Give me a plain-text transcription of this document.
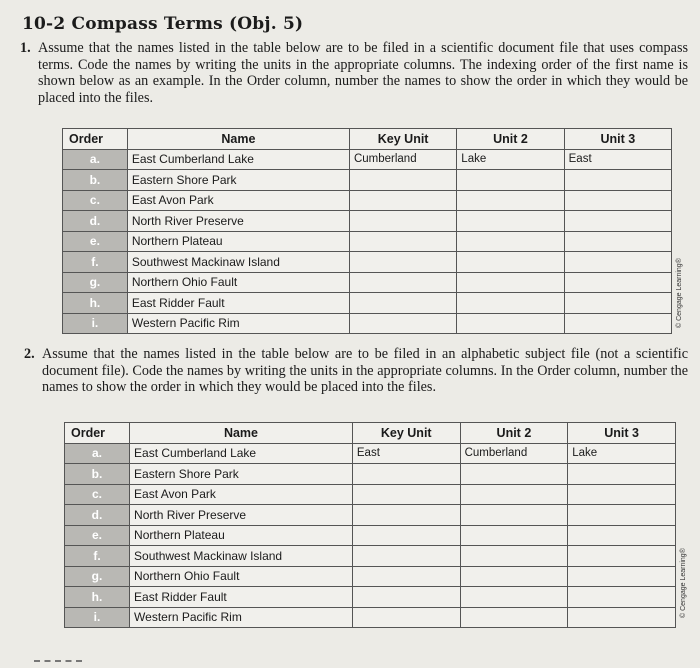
10-2 Compass Terms (Obj. 5)
1. Assume that the names listed in the table below are to be filed in a scientific document file that uses compass terms. Code the names by writing the units in the appropriate columns. The indexing order of the first name is shown below as an example. In the Order column, number the names to show the order in which they would be placed into the files.
Order	Name	Key Unit	Unit 2	Unit 3
a.	East Cumberland Lake	Cumberland	Lake	East
b.	Eastern Shore Park			
c.	East Avon Park			
d.	North River Preserve			
e.	Northern Plateau			
f.	Southwest Mackinaw Island			
g.	Northern Ohio Fault			
h.	East Ridder Fault			
i.	Western Pacific Rim				© Cengage Learning®
2. Assume that the names listed in the table below are to be filed in an alphabetic subject file (not a scientific document file). Code the names by writing the units in the appropriate columns. In the Order column, number the names to show the order in which they would be placed into the files.
Order	Name	Key Unit	Unit 2	Unit 3
a.	East Cumberland Lake	East	Cumberland	Lake
b.	Eastern Shore Park			
c.	East Avon Park			
d.	North River Preserve			
e.	Northern Plateau			
f.	Southwest Mackinaw Island			
g.	Northern Ohio Fault			
h.	East Ridder Fault			
i.	Western Pacific Rim				© Cengage Learning®
